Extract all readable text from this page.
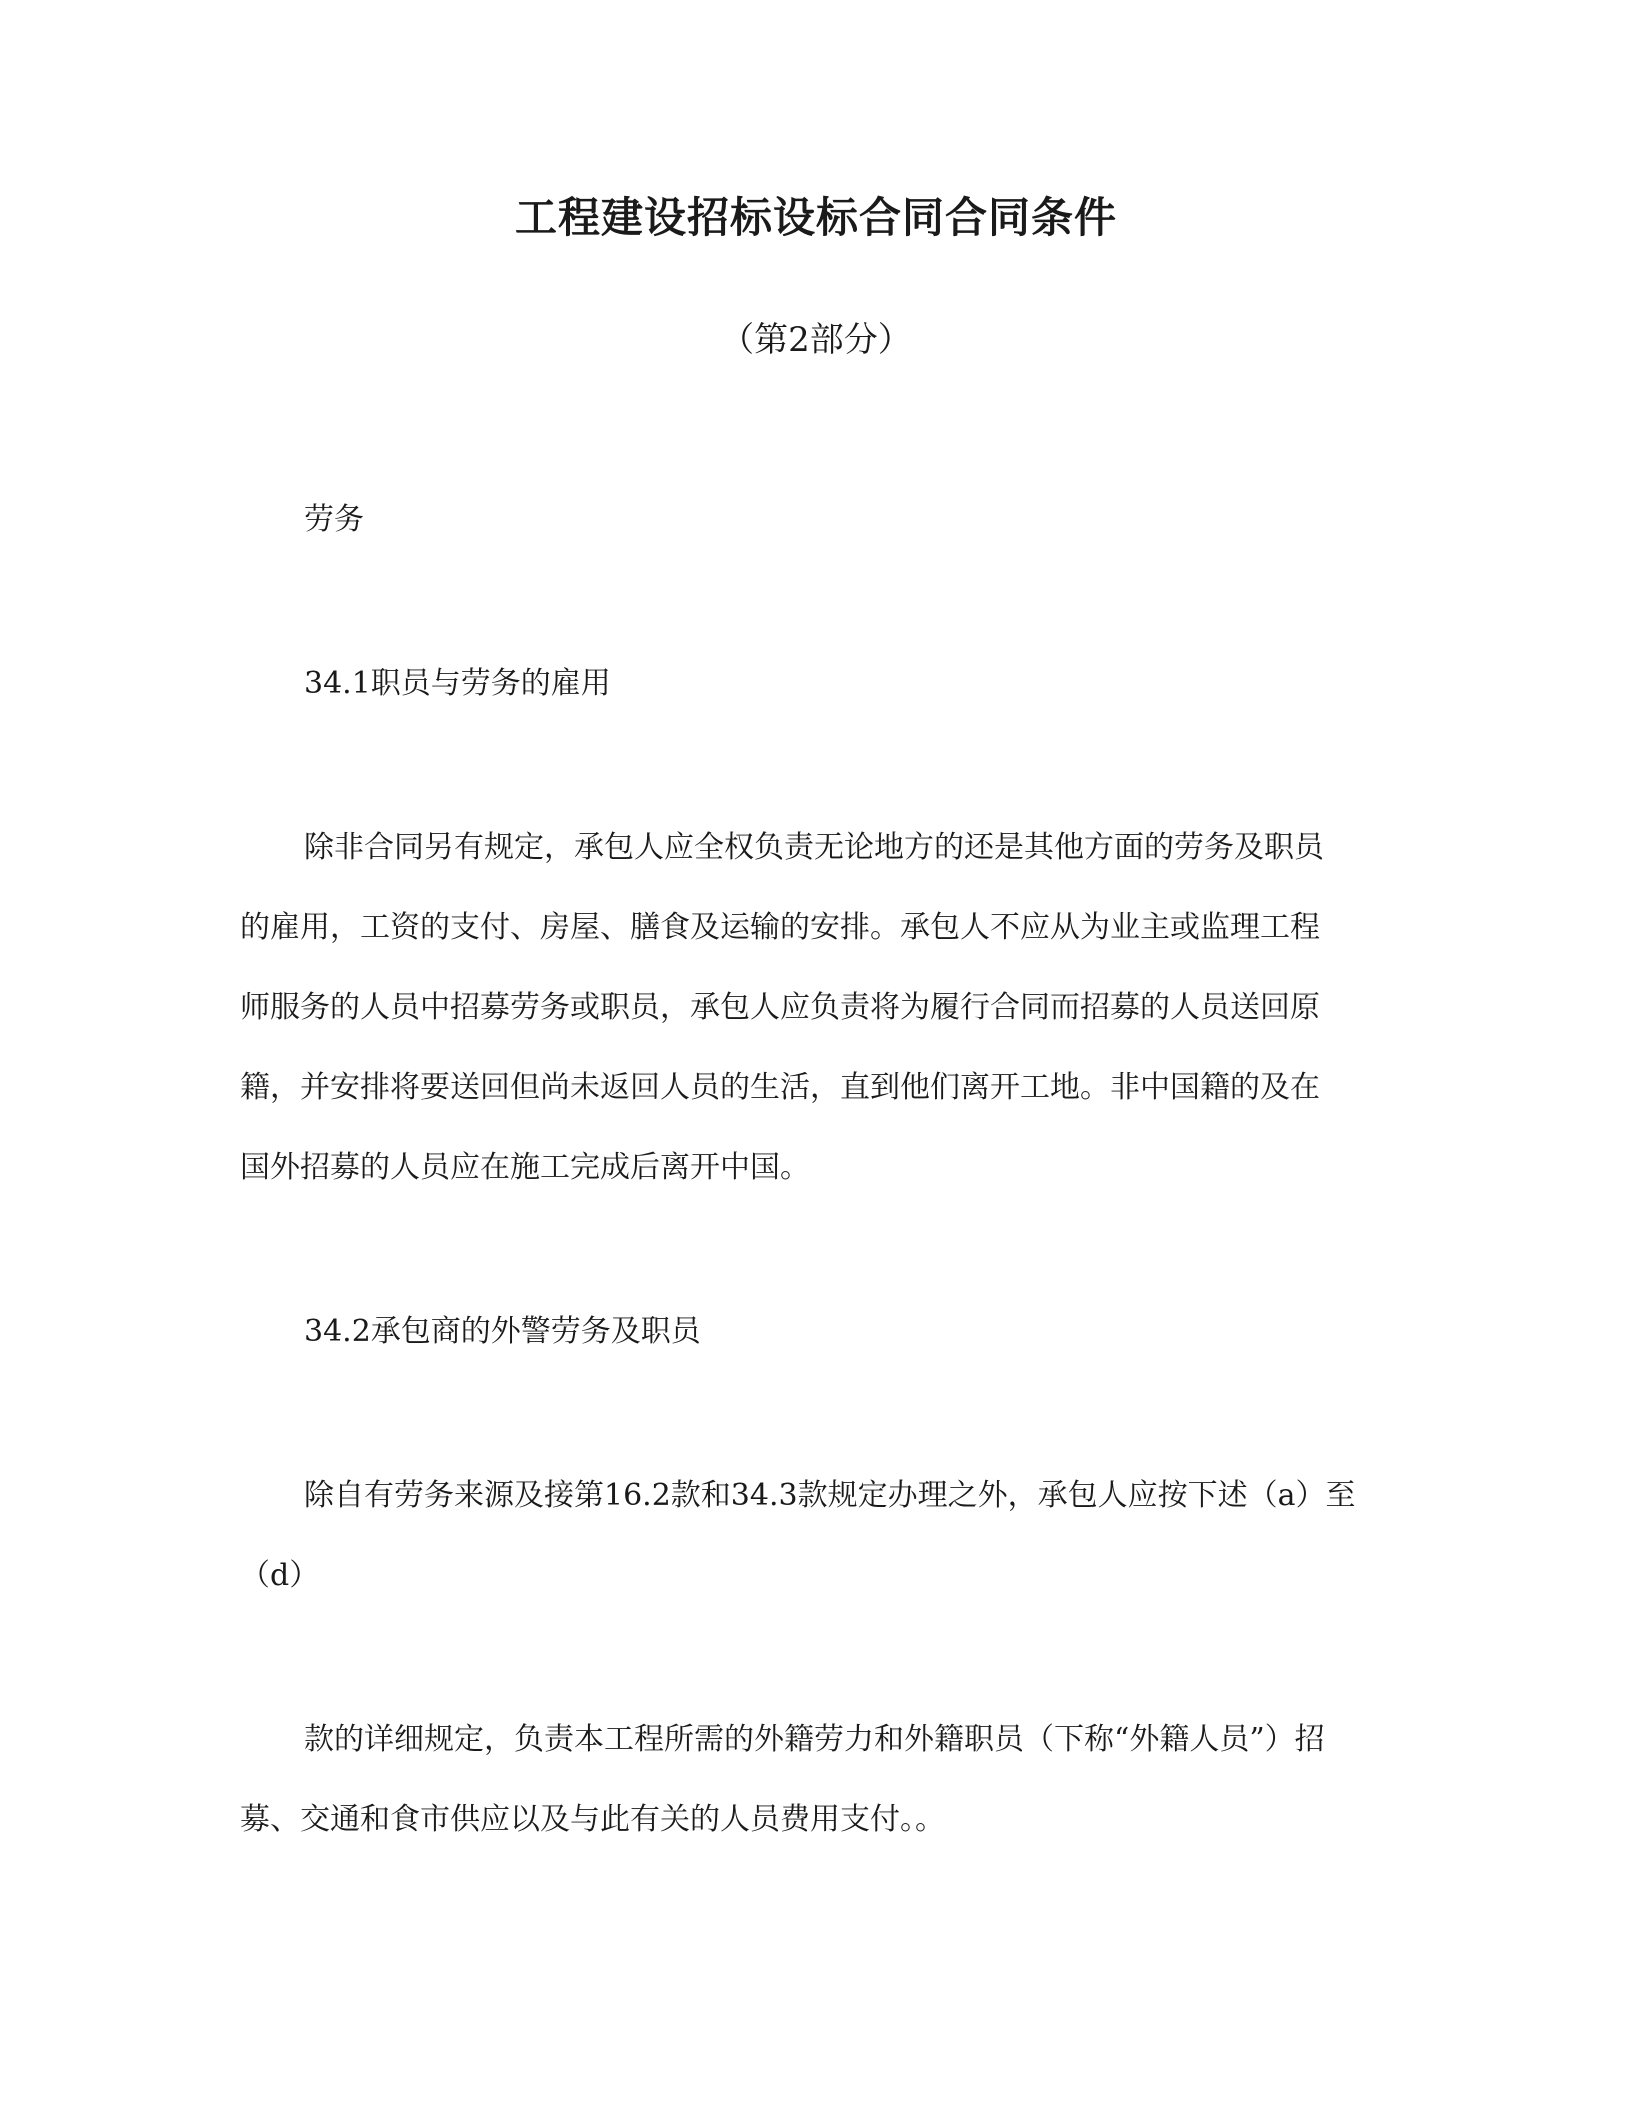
工程建设招标设标合同合同条件
（第2部分）
劳务
34.1职员与劳务的雇用
除非合同另有规定，承包人应全权负责无论地方的还是其他方面的劳务及职员
的雇用，工资的支付、房屋、膳食及运输的安排。承包人不应从为业主或监理工程
师服务的人员中招募劳务或职员，承包人应负责将为履行合同而招募的人员送回原
籍，并安排将要送回但尚未返回人员的生活，直到他们离开工地。非中国籍的及在
国外招募的人员应在施工完成后离开中国。
34.2承包商的外警劳务及职员
除自有劳务来源及接第16.2款和34.3款规定办理之外，承包人应按下述（a）至
（d）
款的详细规定，负责本工程所需的外籍劳力和外籍职员（下称“外籍人员”）招
募、交通和食市供应以及与此有关的人员费用支付。。
